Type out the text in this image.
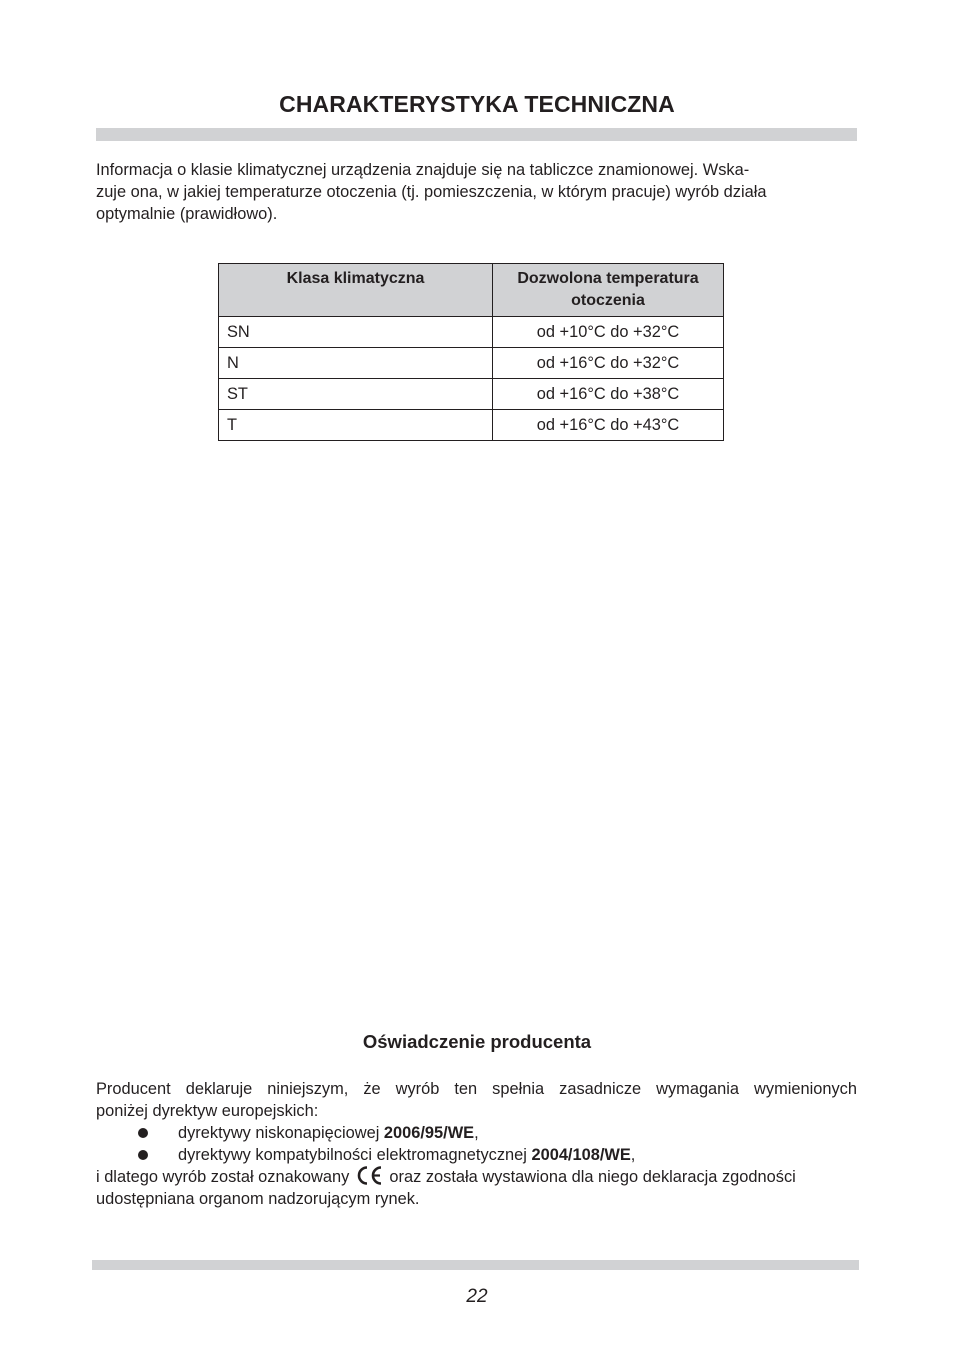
CHARAKTERYSTYKA TECHNICZNA
Informacja o klasie klimatycznej urządzenia znajduje się na tabliczce znamionowej. Wska-
zuje ona, w jakiej temperaturze otoczenia (tj. pomieszczenia, w którym pracuje) wyrób działa
optymalnie (prawidłowo).
Klasa klimatyczna	Dozwolona temperatura otoczenia
SN	od +10°C do +32°C
N	od +16°C do +32°C
ST	od +16°C do +38°C
T	od +16°C do +43°C
Oświadczenie producenta
Producent deklaruje niniejszym, że wyrób ten spełnia zasadnicze wymagania wymienionych
poniżej dyrektyw europejskich:
dyrektywy niskonapięciowej 2006/95/WE,
dyrektywy kompatybilności elektromagnetycznej 2004/108/WE,
i dlatego wyrób został oznakowany oraz została wystawiona dla niego deklaracja zgodności
udostępniana organom nadzorującym rynek.
22
